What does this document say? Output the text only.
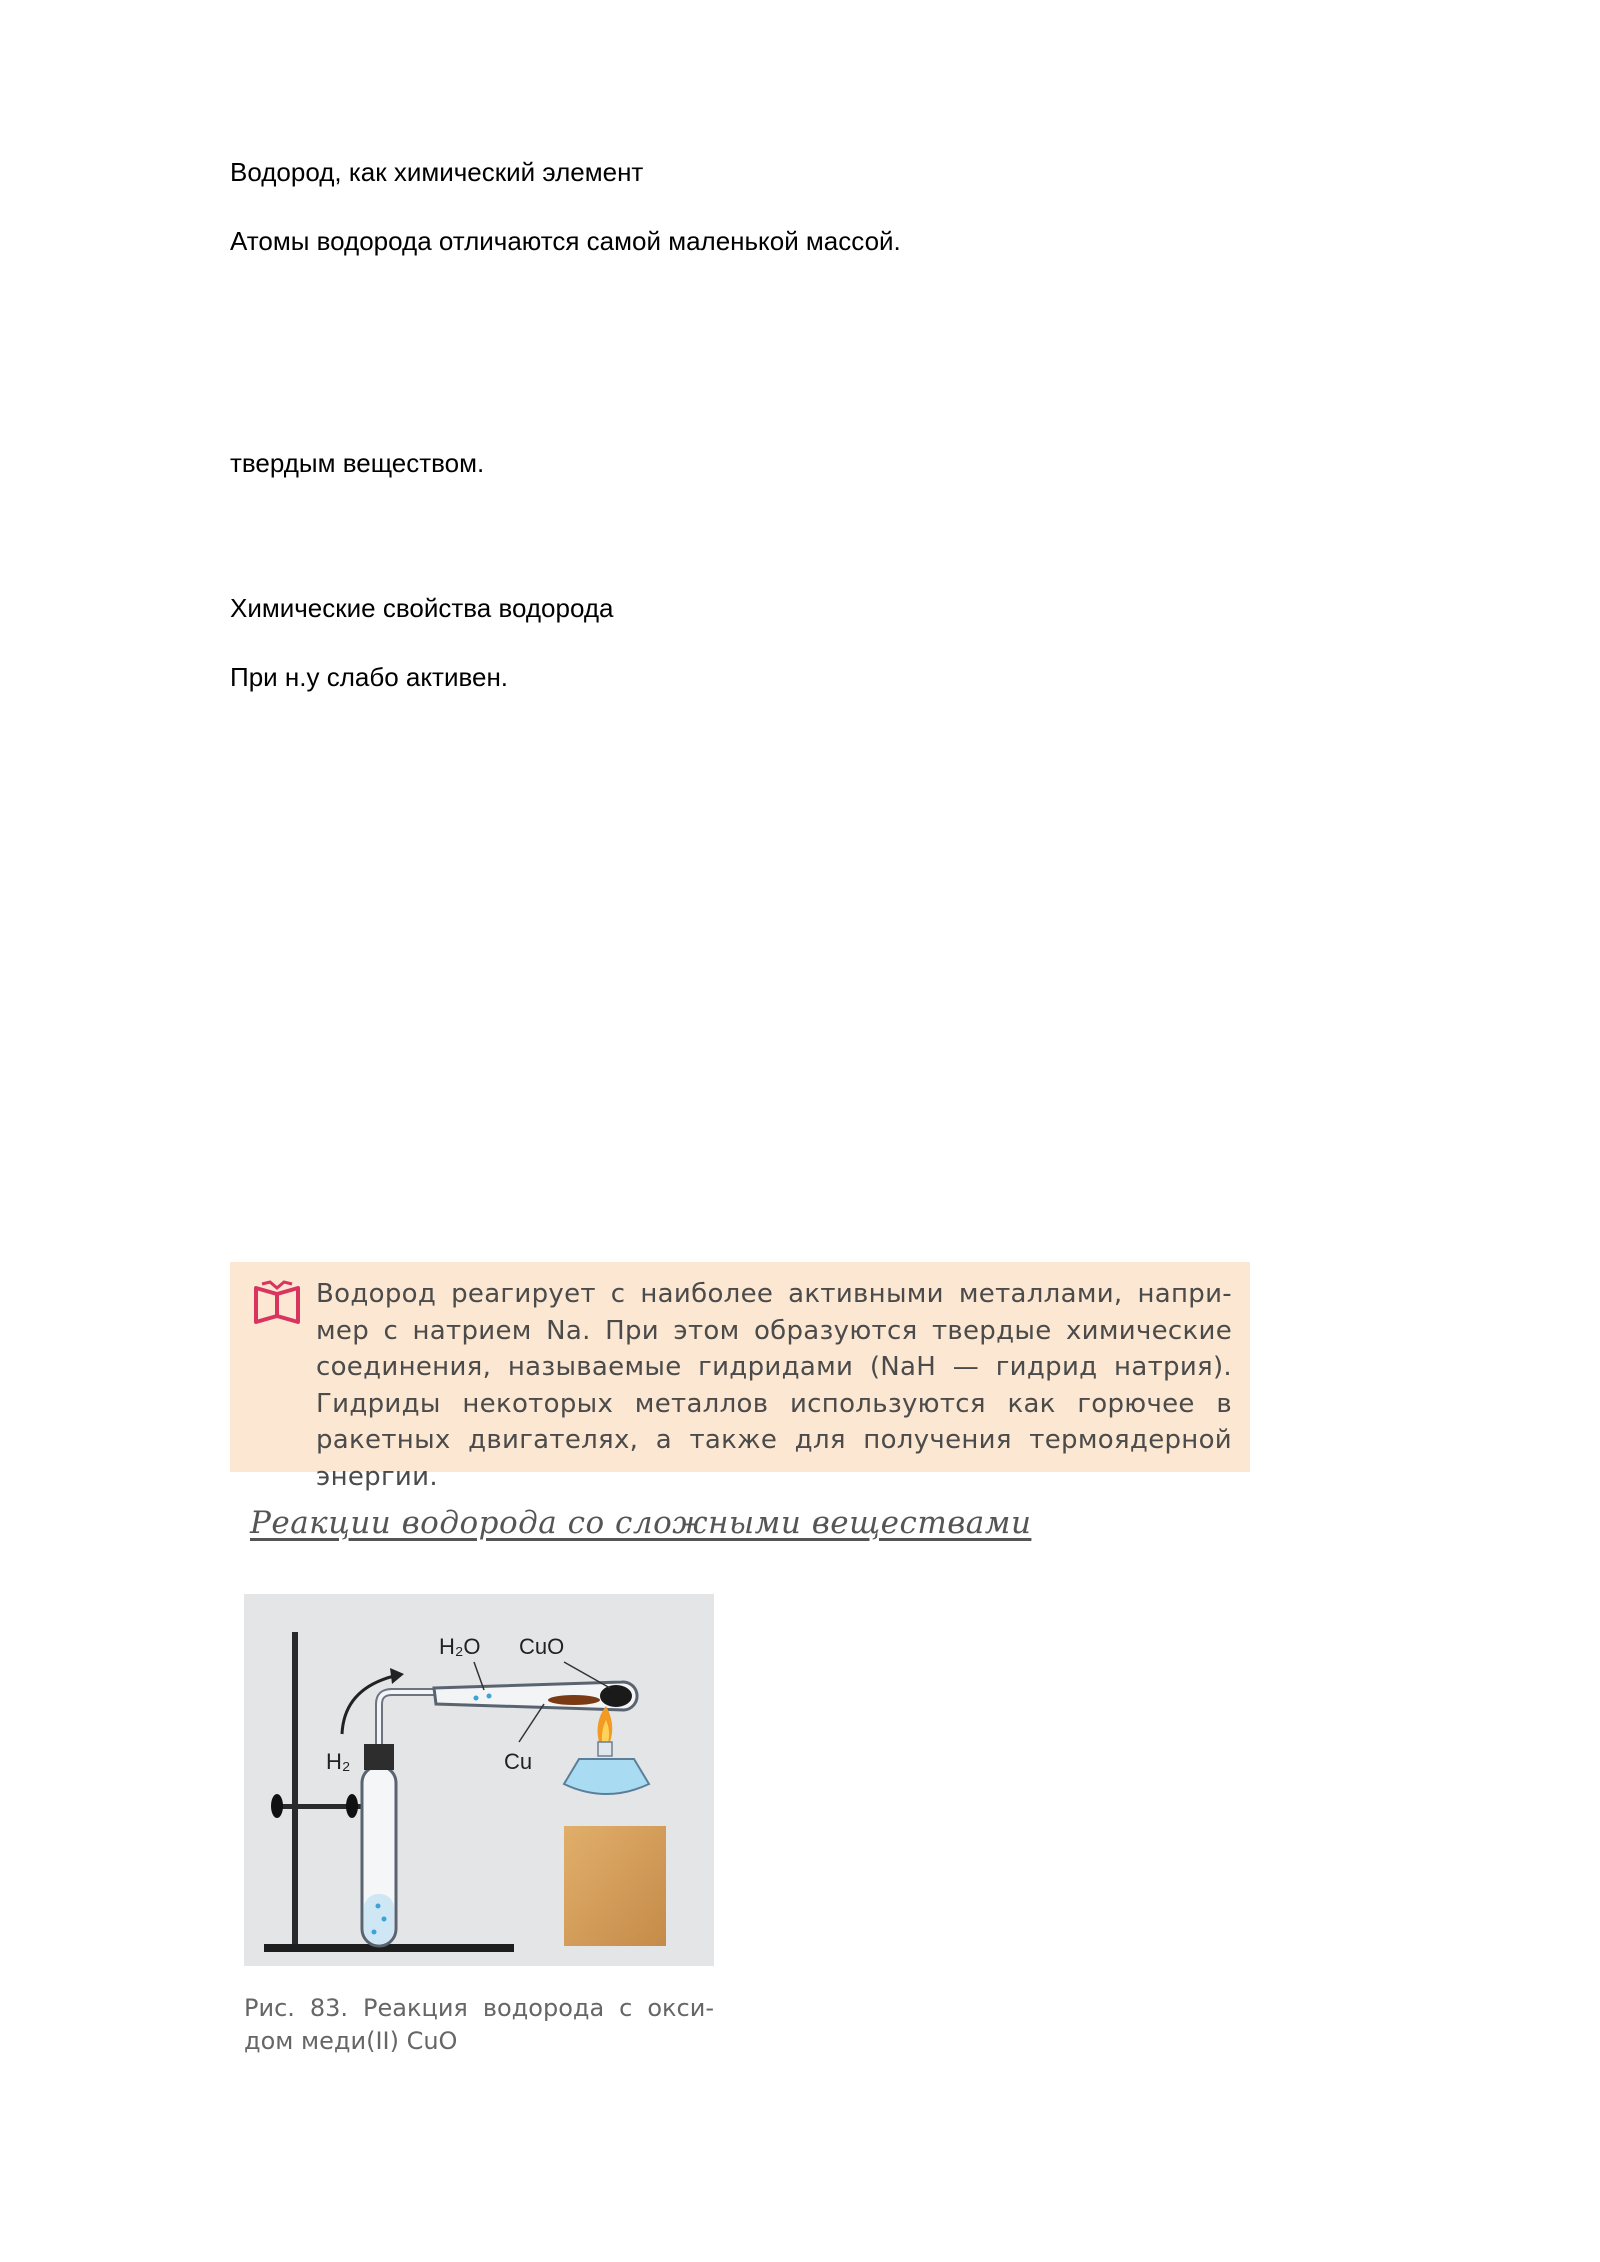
Водород, как химический элемент
Атомы водорода отличаются самой маленькой массой.
твердым веществом.
Химические свойства водорода
При н.у слабо активен.
Водород реагирует с наиболее активными металлами, напри-мер с натрием Na. При этом образуются твердые химические соединения, называемые гидридами (NaH — гидрид натрия). Гидриды некоторых металлов используются как горючее в ракетных двигателях, а также для получения термоядерной энергии.
Реакции водорода со сложными веществами
H₂O CuO
Cu
H₂
Рис. 83. Реакция водорода с окси-дом меди(II) CuO
